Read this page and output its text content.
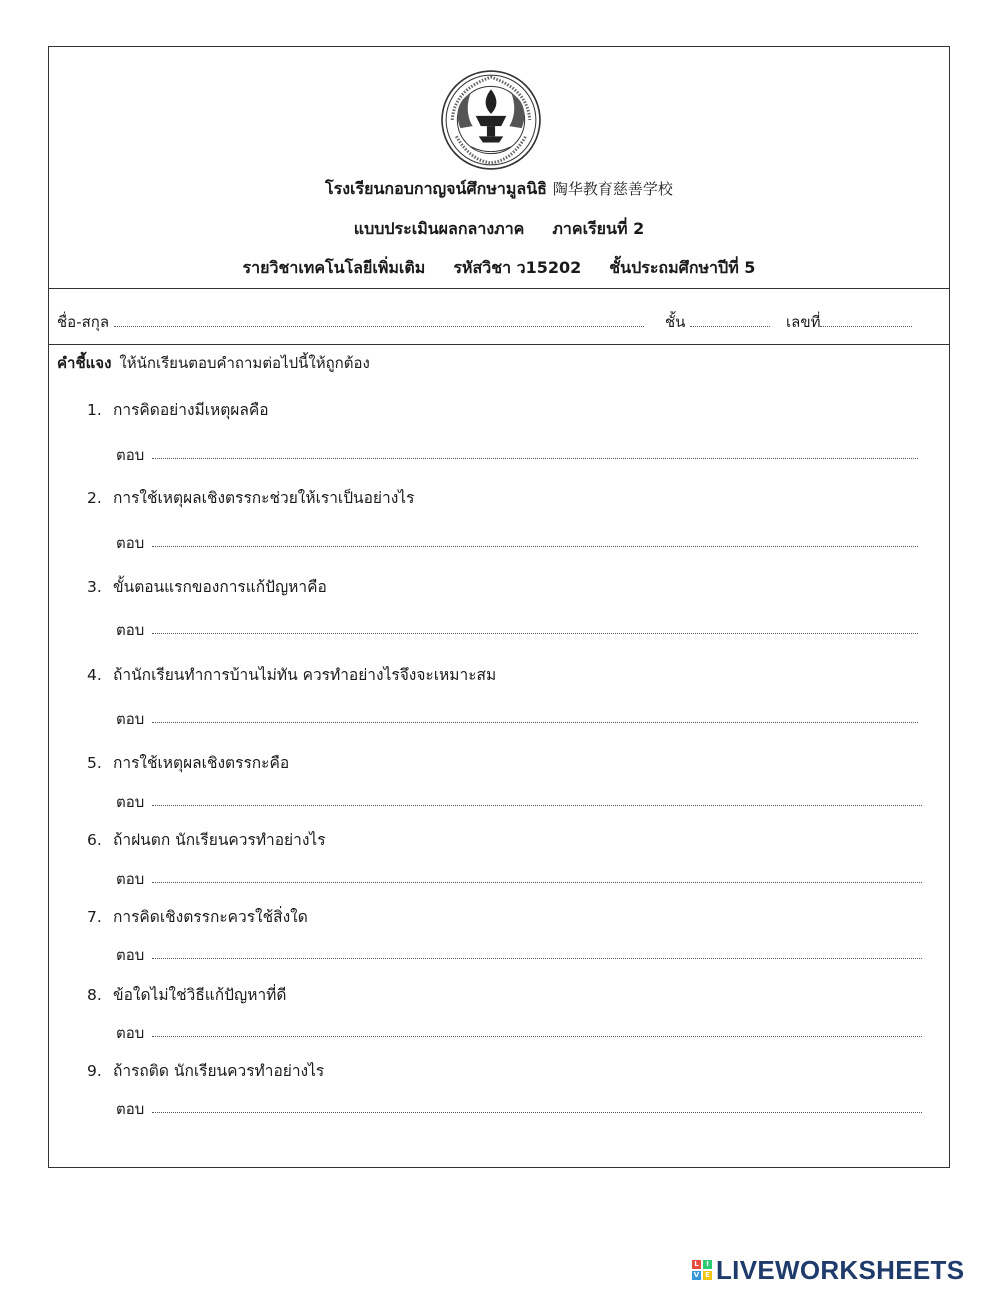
โรงเรียนกอบกาญจน์ศึกษามูลนิธิ 陶华教育慈善学校
แบบประเมินผลกลางภาค ภาคเรียนที่ 2
รายวิชาเทคโนโลยีเพิ่มเติม รหัสวิชา ว15202 ชั้นประถมศึกษาปีที่ 5
ชื่อ-สกุล	ชั้น	เลขที่
คำชี้แจง ให้นักเรียนตอบคำถามต่อไปนี้ให้ถูกต้อง
1. การคิดอย่างมีเหตุผลคือ
ตอบ
2. การใช้เหตุผลเชิงตรรกะช่วยให้เราเป็นอย่างไร
ตอบ
3. ขั้นตอนแรกของการแก้ปัญหาคือ
ตอบ
4. ถ้านักเรียนทำการบ้านไม่ทัน ควรทำอย่างไรจึงจะเหมาะสม
ตอบ
5. การใช้เหตุผลเชิงตรรกะคือ
ตอบ
6. ถ้าฝนตก นักเรียนควรทำอย่างไร
ตอบ
7. การคิดเชิงตรรกะควรใช้สิ่งใด
ตอบ
8. ข้อใดไม่ใช่วิธีแก้ปัญหาที่ดี
ตอบ
9. ถ้ารถติด นักเรียนควรทำอย่างไร
ตอบ
L	I
V E LIVEWORKSHEETS
